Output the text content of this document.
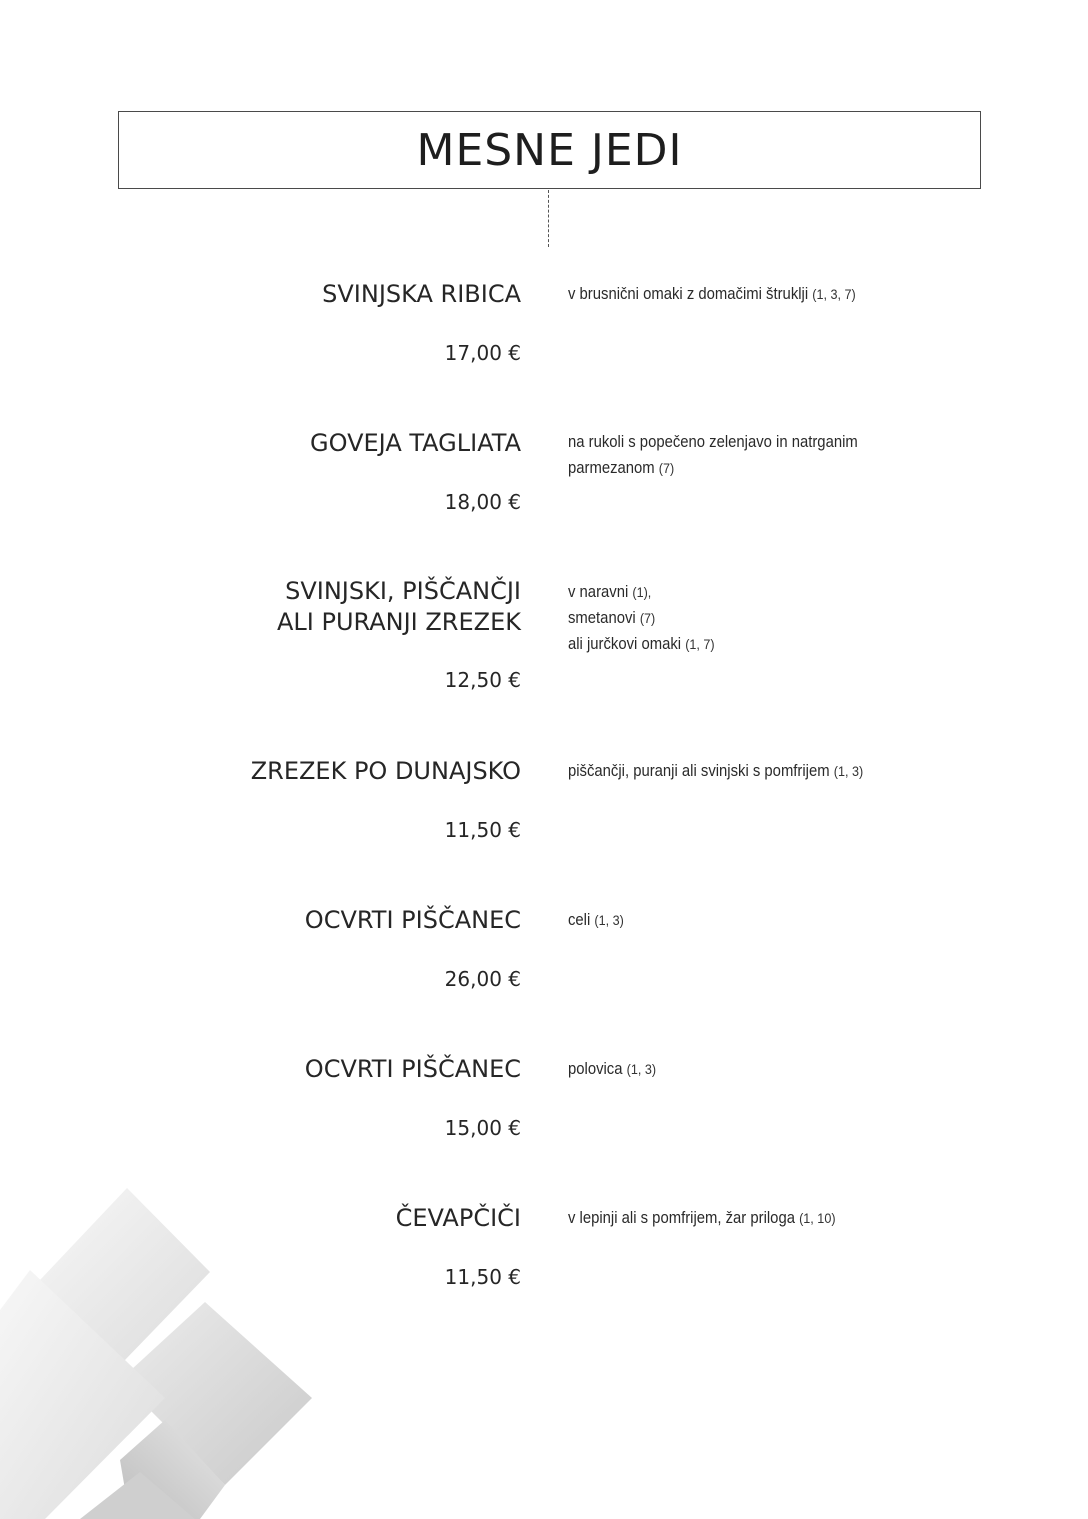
MESNE JEDI
SVINJSKA RIBICA	v brusnični omaki z domačimi štruklji (1, 3, 7)
17,00 €
GOVEJA TAGLIATA	na rukoli s popečeno zelenjavo in natrganim
parmezanom (7)
18,00 €
SVINJSKI, PIŠČANČJI
ALI PURANJI ZREZEK
v naravni (1),
smetanovi (7)
ali jurčkovi omaki (1, 7)
12,50 €
ZREZEK PO DUNAJSKO	piščančji, puranji ali svinjski s pomfrijem (1, 3)
11,50 €
OCVRTI PIŠČANEC	celi (1, 3)
26,00 €
OCVRTI PIŠČANEC	polovica (1, 3)
15,00 €
ČEVAPČIČI	v lepinji ali s pomfrijem, žar priloga (1, 10)
11,50 €
